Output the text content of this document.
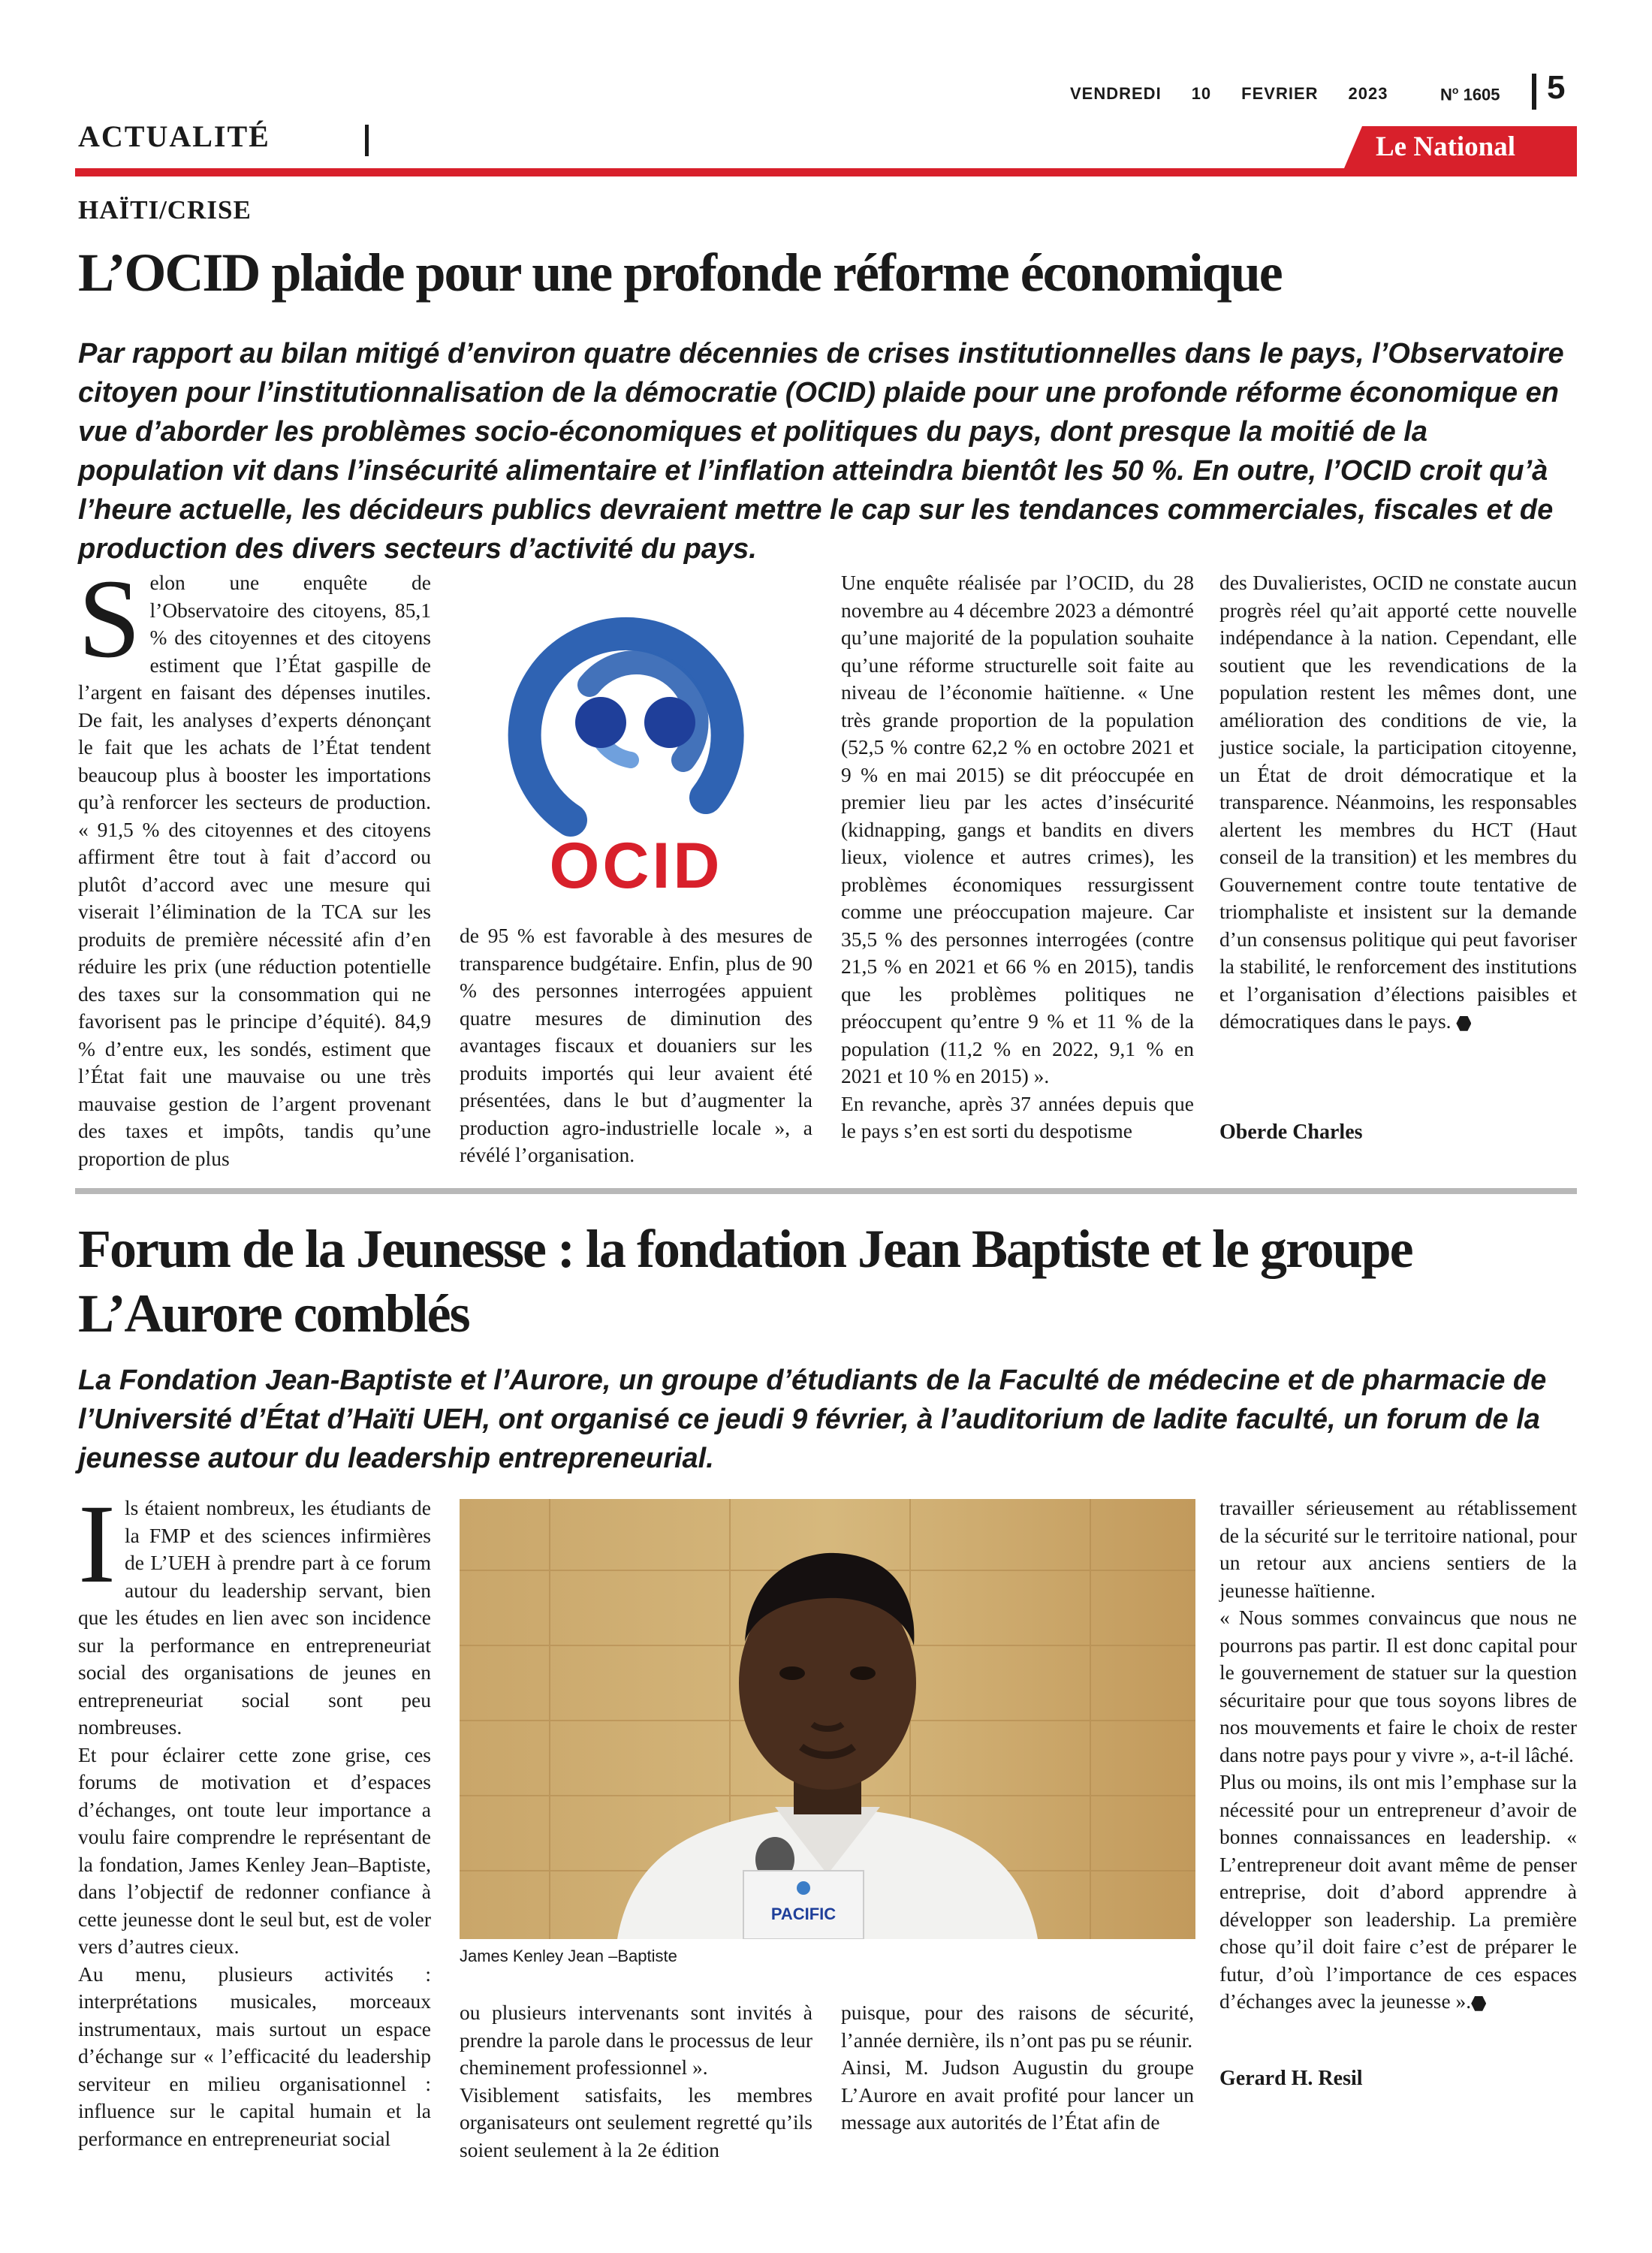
VENDREDI 10 FEVRIER 2023	$N^o$ 1605 5
ACTUALITÉ	Le National
HAÏTI/CRISE
L’OCID plaide pour une profonde réforme économique

Par rapport au bilan mitigé d’environ quatre décennies de crises institutionnelles dans le pays, l’Observatoire citoyen pour l’institutionnalisation de la démocratie (OCID) plaide pour une profonde réforme économique en vue d’aborder les problèmes socio-économiques et politiques du pays, dont presque la moitié de la population vit dans l’insécurité alimentaire et l’inflation atteindra bientôt les 50 %. En outre, l’OCID croit qu’à l’heure actuelle, les décideurs publics devraient mettre le cap sur les tendances commerciales, fiscales et de production des divers secteurs d’activité du pays.

Selon une enquête de l’Observatoire des citoyens, 85,1 % des citoyennes et des citoyens estiment que l’État gaspille de l’argent en faisant des dépenses inutiles. De fait, les analyses d’experts dénonçant le fait que les achats de l’État tendent beaucoup plus à booster les importations qu’à renforcer les secteurs de production. « 91,5 % des citoyennes et des citoyens affirment être tout à fait d’accord ou plutôt d’accord avec une mesure qui viserait l’élimination de la TCA sur les produits de première nécessité afin d’en réduire les prix (une réduction potentielle des taxes sur la consommation qui ne favorisent pas le principe d’équité). 84,9 % d’entre eux, les sondés, estiment que l’État fait une mauvaise ou une très mauvaise gestion de l’argent provenant des taxes et impôts, tandis qu’une proportion de plus
OCID
de 95 % est favorable à des mesures de transparence budgétaire. Enfin, plus de 90 % des personnes interrogées appuient quatre mesures de diminution des avantages fiscaux et douaniers sur les produits importés qui leur avaient été présentées, dans le but d’augmenter la production agro-industrielle locale », a révélé l’organisation.

Une enquête réalisée par l’OCID, du 28 novembre au 4 décembre 2023 a démontré qu’une majorité de la population souhaite qu’une réforme structurelle soit faite au niveau de l’économie haïtienne. « Une très grande proportion de la population (52,5 % contre 62,2 % en octobre 2021 et 9 % en mai 2015) se dit préoccupée en premier lieu par les actes d’insécurité (kidnapping, gangs et bandits en divers lieux, violence et autres crimes), les problèmes économiques ressurgissent comme une préoccupation majeure. Car 35,5 % des personnes interrogées (contre 21,5 % en 2021 et 66 % en 2015), tandis que les problèmes politiques ne préoccupent qu’entre 9 % et 11 % de la population (11,2 % en 2022, 9,1 % en 2021 et 10 % en 2015) ».

En revanche, après 37 années depuis que le pays s’en est sorti du despotisme

des Duvalieristes, OCID ne constate aucun progrès réel qu’ait apporté cette nouvelle indépendance à la nation. Cependant, elle soutient que les revendications de la population restent les mêmes dont, une amélioration des conditions de vie, la justice sociale, la participation citoyenne, un État de droit démocratique et la transparence. Néanmoins, les responsables alertent les membres du HCT (Haut conseil de la transition) et les membres du Gouvernement contre toute tentative de triomphaliste et insistent sur la demande d’un consensus politique qui peut favoriser la stabilité, le renforcement des institutions et l’organisation d’élections paisibles et démocratiques dans le pays.
Oberde Charles
Forum de la Jeunesse : la fondation Jean Baptiste et le groupe L’Aurore comblés

La Fondation Jean-Baptiste et l’Aurore, un groupe d’étudiants de la Faculté de médecine et de pharmacie de l’Université d’État d’Haïti UEH, ont organisé ce jeudi 9 février, à l’auditorium de ladite faculté, un forum de la jeunesse autour du leadership entrepreneurial.

Ils étaient nombreux, les étudiants de la FMP et des sciences infirmières de L’UEH à prendre part à ce forum autour du leadership servant, bien que les études en lien avec son incidence sur la performance en entrepreneuriat social des organisations de jeunes en entrepreneuriat social sont peu nombreuses.

Et pour éclairer cette zone grise, ces forums de motivation et d’espaces d’échanges, ont toute leur importance a voulu faire comprendre le représentant de la fondation, James Kenley Jean–Baptiste, dans l’objectif de redonner confiance à cette jeunesse dont le seul but, est de voler vers d’autres cieux.

Au menu, plusieurs activités : interprétations musicales, morceaux instrumentaux, mais surtout un espace d’échange sur « l’efficacité du leadership serviteur en milieu organisationnel : influence sur le capital humain et la performance en entrepreneuriat social

PACIFIC
James Kenley Jean –Baptiste

ou plusieurs intervenants sont invités à prendre la parole dans le processus de leur cheminement professionnel ».

Visiblement satisfaits, les membres organisateurs ont seulement regretté qu’ils soient seulement à la 2e édition

puisque, pour des raisons de sécurité, l’année dernière, ils n’ont pas pu se réunir.

Ainsi, M. Judson Augustin du groupe L’Aurore en avait profité pour lancer un message aux autorités de l’État afin de

travailler sérieusement au rétablissement de la sécurité sur le territoire national, pour un retour aux anciens sentiers de la jeunesse haïtienne.

« Nous sommes convaincus que nous ne pourrons pas partir. Il est donc capital pour le gouvernement de statuer sur la question sécuritaire pour que tous soyons libres de nos mouvements et faire le choix de rester dans notre pays pour y vivre », a-t-il lâché.

Plus ou moins, ils ont mis l’emphase sur la nécessité pour un entrepreneur d’avoir de bonnes connaissances en leadership. « L’entrepreneur doit avant même de penser entreprise, doit d’abord apprendre à développer son leadership. La première chose qu’il doit faire c’est de préparer le futur, d’où l’importance de ces espaces d’échanges avec la jeunesse ».

Gerard H. Resil
